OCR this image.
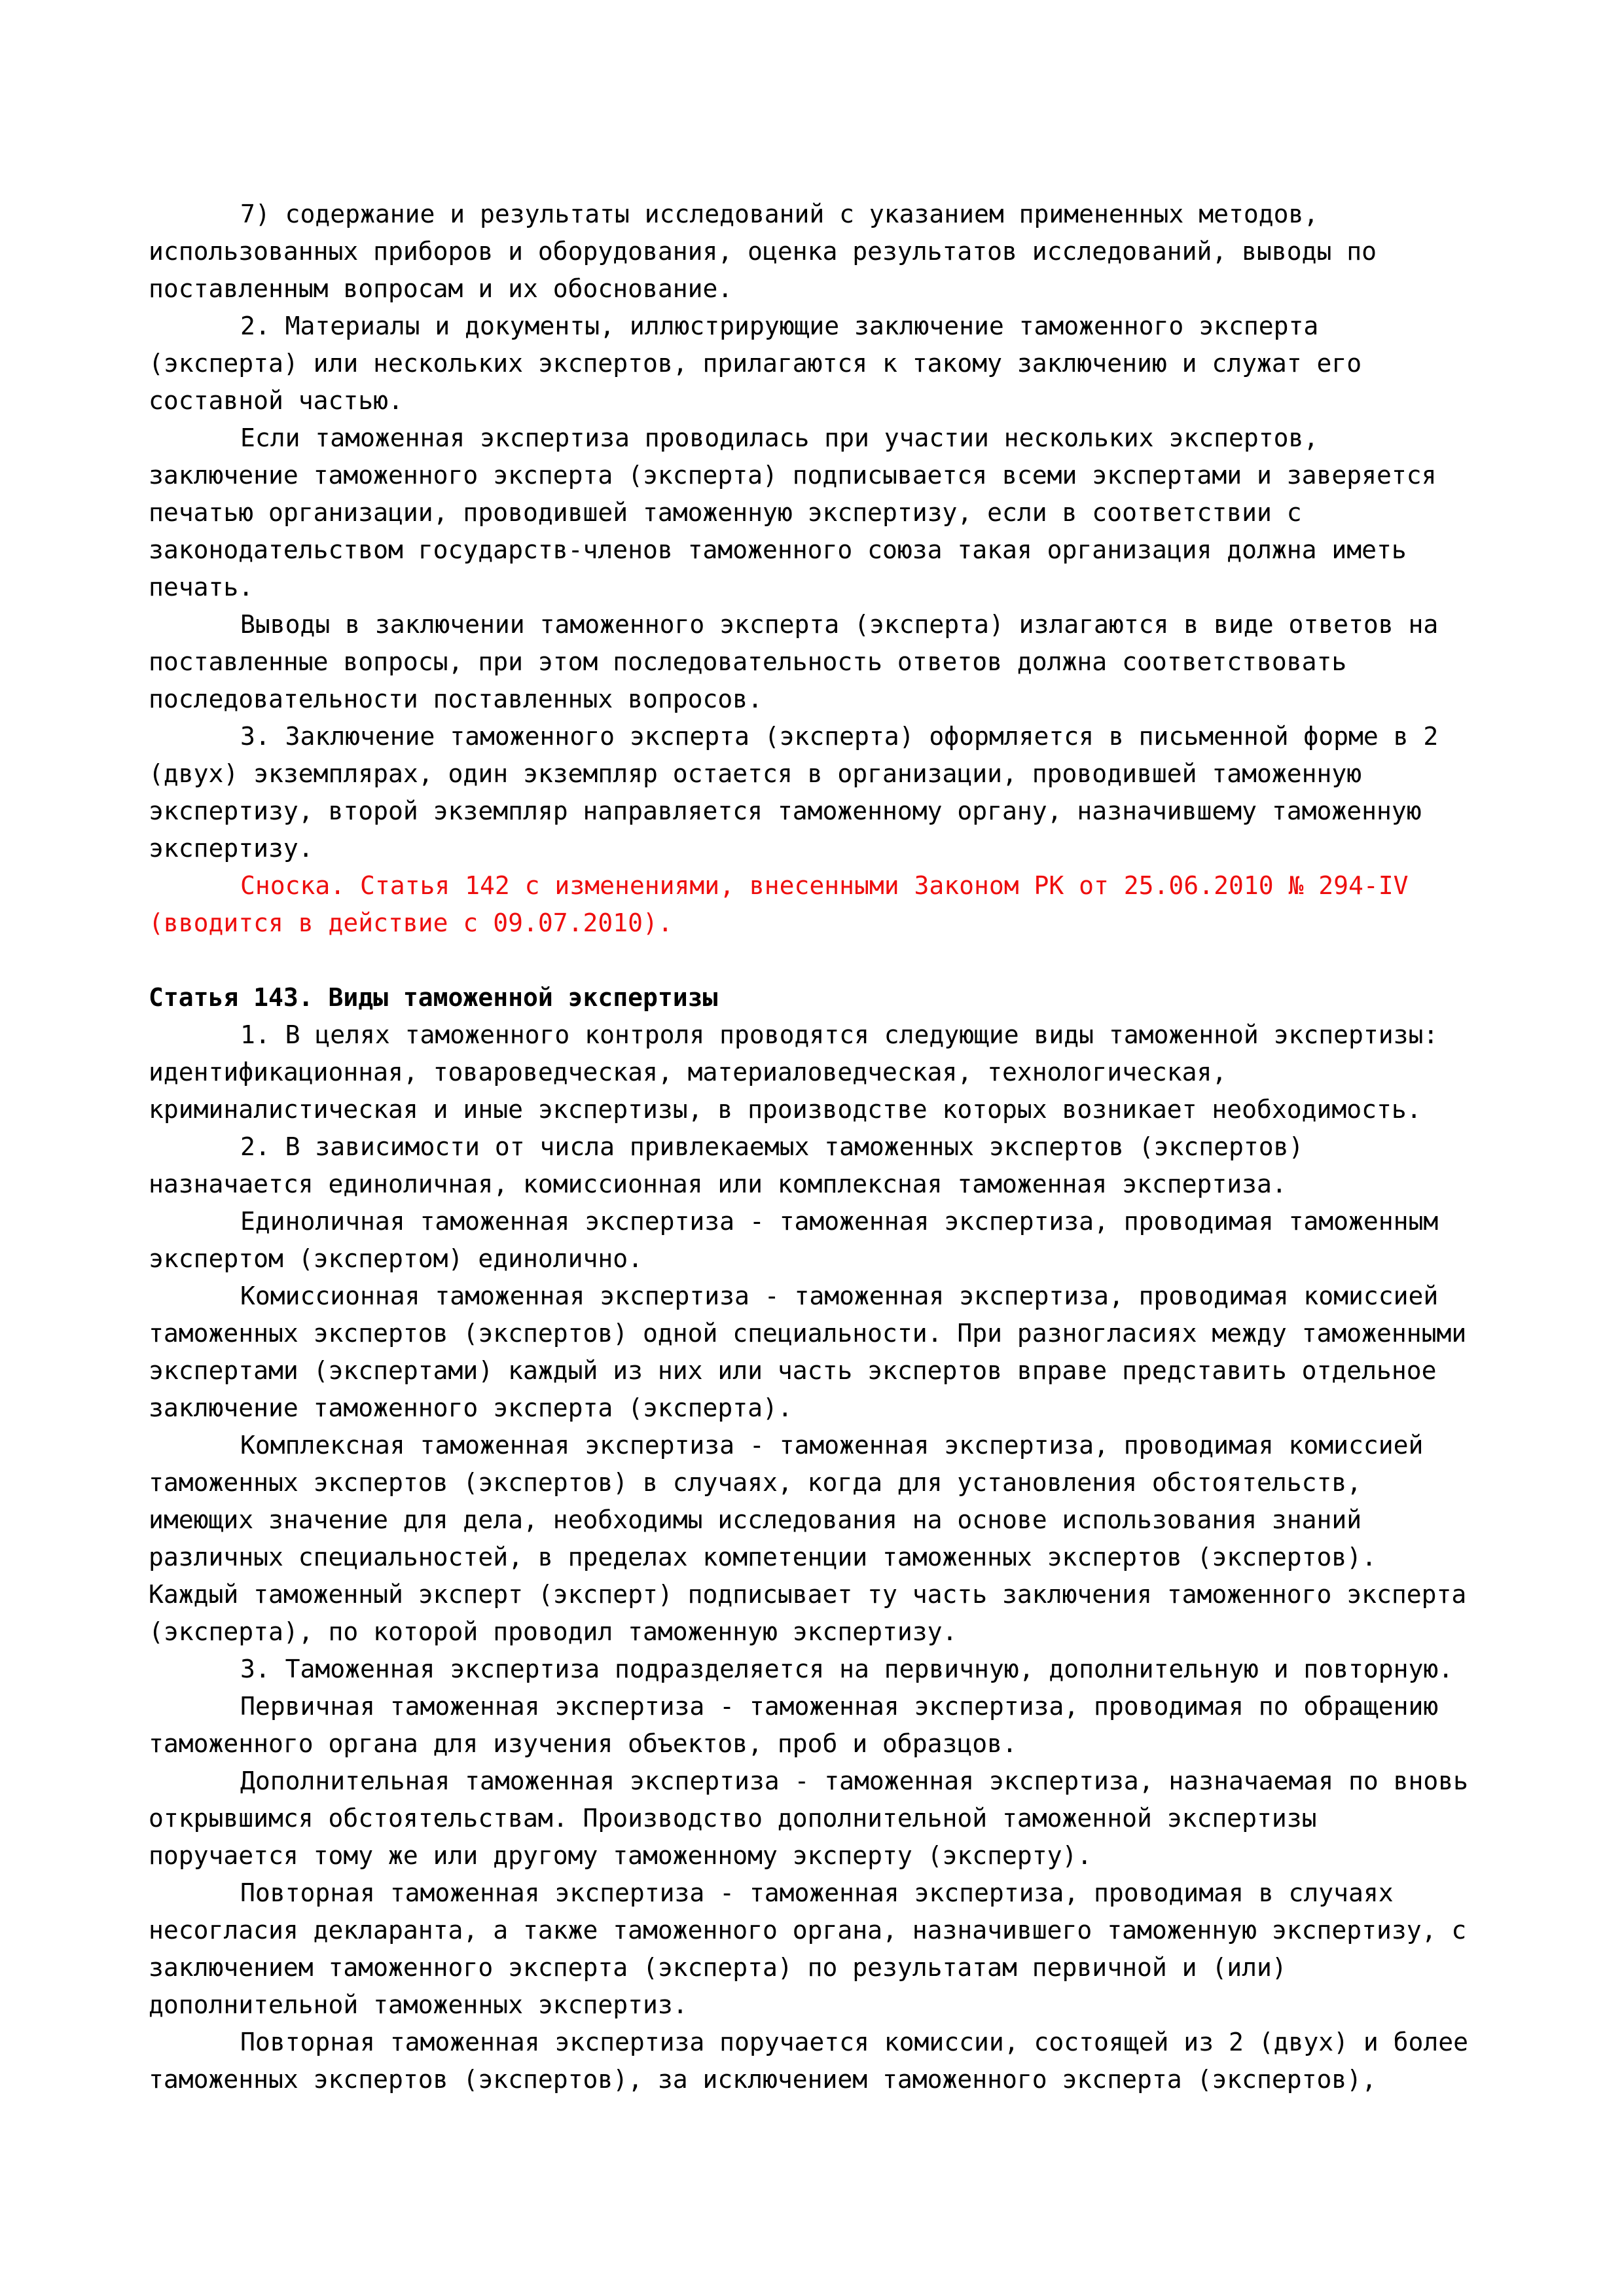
7) содержание и результаты исследований с указанием примененных методов,
использованных приборов и оборудования, оценка результатов исследований, выводы по
поставленным вопросам и их обоснование.
2. Материалы и документы, иллюстрирующие заключение таможенного эксперта
(эксперта) или нескольких экспертов, прилагаются к такому заключению и служат его
составной частью.
Если таможенная экспертиза проводилась при участии нескольких экспертов,
заключение таможенного эксперта (эксперта) подписывается всеми экспертами и заверяется
печатью организации, проводившей таможенную экспертизу, если в соответствии с
законодательством государств-членов таможенного союза такая организация должна иметь
печать.
Выводы в заключении таможенного эксперта (эксперта) излагаются в виде ответов на
поставленные вопросы, при этом последовательность ответов должна соответствовать
последовательности поставленных вопросов.
3. Заключение таможенного эксперта (эксперта) оформляется в письменной форме в 2
(двух) экземплярах, один экземпляр остается в организации, проводившей таможенную
экспертизу, второй экземпляр направляется таможенному органу, назначившему таможенную
экспертизу.
Сноска. Статья 142 с изменениями, внесенными Законом РК от 25.06.2010 № 294-IV
(вводится в действие с 09.07.2010).
Статья 143. Виды таможенной экспертизы
1. В целях таможенного контроля проводятся следующие виды таможенной экспертизы:
идентификационная, товароведческая, материаловедческая, технологическая,
криминалистическая и иные экспертизы, в производстве которых возникает необходимость.
2. В зависимости от числа привлекаемых таможенных экспертов (экспертов)
назначается единоличная, комиссионная или комплексная таможенная экспертиза.
Единоличная таможенная экспертиза - таможенная экспертиза, проводимая таможенным
экспертом (экспертом) единолично.
Комиссионная таможенная экспертиза - таможенная экспертиза, проводимая комиссией
таможенных экспертов (экспертов) одной специальности. При разногласиях между таможенными
экспертами (экспертами) каждый из них или часть экспертов вправе представить отдельное
заключение таможенного эксперта (эксперта).
Комплексная таможенная экспертиза - таможенная экспертиза, проводимая комиссией
таможенных экспертов (экспертов) в случаях, когда для установления обстоятельств,
имеющих значение для дела, необходимы исследования на основе использования знаний
различных специальностей, в пределах компетенции таможенных экспертов (экспертов).
Каждый таможенный эксперт (эксперт) подписывает ту часть заключения таможенного эксперта
(эксперта), по которой проводил таможенную экспертизу.
3. Таможенная экспертиза подразделяется на первичную, дополнительную и повторную.
Первичная таможенная экспертиза - таможенная экспертиза, проводимая по обращению
таможенного органа для изучения объектов, проб и образцов.
Дополнительная таможенная экспертиза - таможенная экспертиза, назначаемая по вновь
открывшимся обстоятельствам. Производство дополнительной таможенной экспертизы
поручается тому же или другому таможенному эксперту (эксперту).
Повторная таможенная экспертиза - таможенная экспертиза, проводимая в случаях
несогласия декларанта, а также таможенного органа, назначившего таможенную экспертизу, с
заключением таможенного эксперта (эксперта) по результатам первичной и (или)
дополнительной таможенных экспертиз.
Повторная таможенная экспертиза поручается комиссии, состоящей из 2 (двух) и более
таможенных экспертов (экспертов), за исключением таможенного эксперта (экспертов),
